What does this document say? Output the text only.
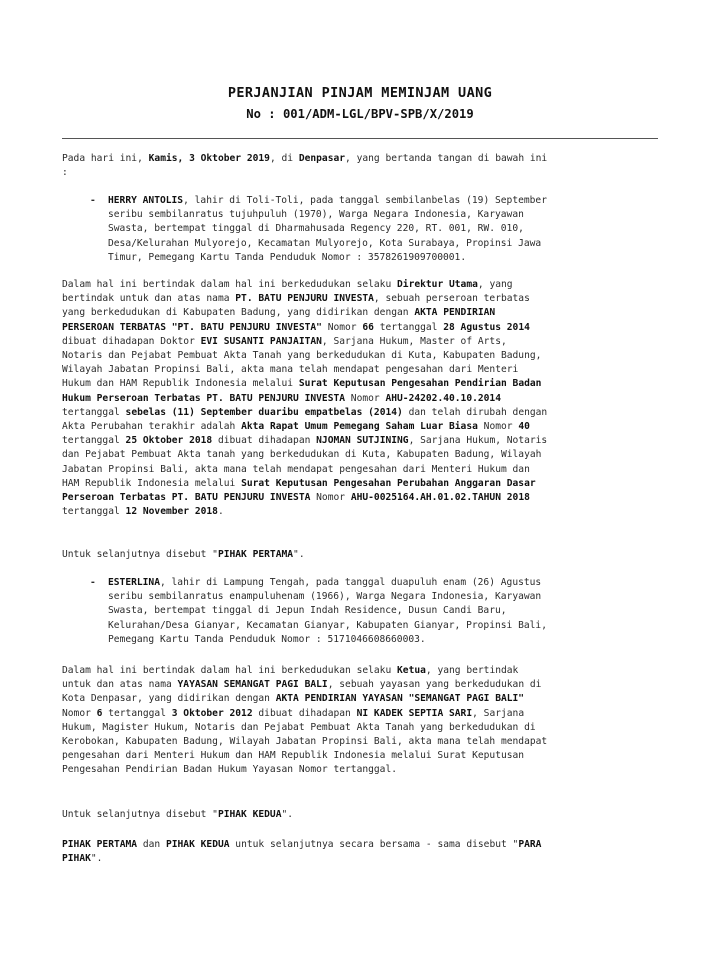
PERJANJIAN PINJAM MEMINJAM UANG
No : 001/ADM-LGL/BPV-SPB/X/2019
Pada hari ini, Kamis, 3 Oktober 2019, di Denpasar, yang bertanda tangan di bawah ini
:
- HERRY ANTOLIS, lahir di Toli-Toli, pada tanggal sembilanbelas (19) September
seribu sembilanratus tujuhpuluh (1970), Warga Negara Indonesia, Karyawan
Swasta, bertempat tinggal di Dharmahusada Regency 220, RT. 001, RW. 010,
Desa/Kelurahan Mulyorejo, Kecamatan Mulyorejo, Kota Surabaya, Propinsi Jawa
Timur, Pemegang Kartu Tanda Penduduk Nomor : 3578261909700001.
Dalam hal ini bertindak dalam hal ini berkedudukan selaku Direktur Utama, yang
bertindak untuk dan atas nama PT. BATU PENJURU INVESTA, sebuah perseroan terbatas
yang berkedudukan di Kabupaten Badung, yang didirikan dengan AKTA PENDIRIAN
PERSEROAN TERBATAS "PT. BATU PENJURU INVESTA" Nomor 66 tertanggal 28 Agustus 2014
dibuat dihadapan Doktor EVI SUSANTI PANJAITAN, Sarjana Hukum, Master of Arts,
Notaris dan Pejabat Pembuat Akta Tanah yang berkedudukan di Kuta, Kabupaten Badung,
Wilayah Jabatan Propinsi Bali, akta mana telah mendapat pengesahan dari Menteri
Hukum dan HAM Republik Indonesia melalui Surat Keputusan Pengesahan Pendirian Badan
Hukum Perseroan Terbatas PT. BATU PENJURU INVESTA Nomor AHU-24202.40.10.2014
tertanggal sebelas (11) September duaribu empatbelas (2014) dan telah dirubah dengan
Akta Perubahan terakhir adalah Akta Rapat Umum Pemegang Saham Luar Biasa Nomor 40
tertanggal 25 Oktober 2018 dibuat dihadapan NJOMAN SUTJINING, Sarjana Hukum, Notaris
dan Pejabat Pembuat Akta tanah yang berkedudukan di Kuta, Kabupaten Badung, Wilayah
Jabatan Propinsi Bali, akta mana telah mendapat pengesahan dari Menteri Hukum dan
HAM Republik Indonesia melalui Surat Keputusan Pengesahan Perubahan Anggaran Dasar
Perseroan Terbatas PT. BATU PENJURU INVESTA Nomor AHU-0025164.AH.01.02.TAHUN 2018
tertanggal 12 November 2018.
Untuk selanjutnya disebut "PIHAK PERTAMA".
- ESTERLINA, lahir di Lampung Tengah, pada tanggal duapuluh enam (26) Agustus
seribu sembilanratus enampuluhenam (1966), Warga Negara Indonesia, Karyawan
Swasta, bertempat tinggal di Jepun Indah Residence, Dusun Candi Baru,
Kelurahan/Desa Gianyar, Kecamatan Gianyar, Kabupaten Gianyar, Propinsi Bali,
Pemegang Kartu Tanda Penduduk Nomor : 5171046608660003.
Dalam hal ini bertindak dalam hal ini berkedudukan selaku Ketua, yang bertindak
untuk dan atas nama YAYASAN SEMANGAT PAGI BALI, sebuah yayasan yang berkedudukan di
Kota Denpasar, yang didirikan dengan AKTA PENDIRIAN YAYASAN "SEMANGAT PAGI BALI"
Nomor 6 tertanggal 3 Oktober 2012 dibuat dihadapan NI KADEK SEPTIA SARI, Sarjana
Hukum, Magister Hukum, Notaris dan Pejabat Pembuat Akta Tanah yang berkedudukan di
Kerobokan, Kabupaten Badung, Wilayah Jabatan Propinsi Bali, akta mana telah mendapat
pengesahan dari Menteri Hukum dan HAM Republik Indonesia melalui Surat Keputusan
Pengesahan Pendirian Badan Hukum Yayasan Nomor tertanggal.
Untuk selanjutnya disebut "PIHAK KEDUA".
PIHAK PERTAMA dan PIHAK KEDUA untuk selanjutnya secara bersama - sama disebut "PARA
PIHAK".
